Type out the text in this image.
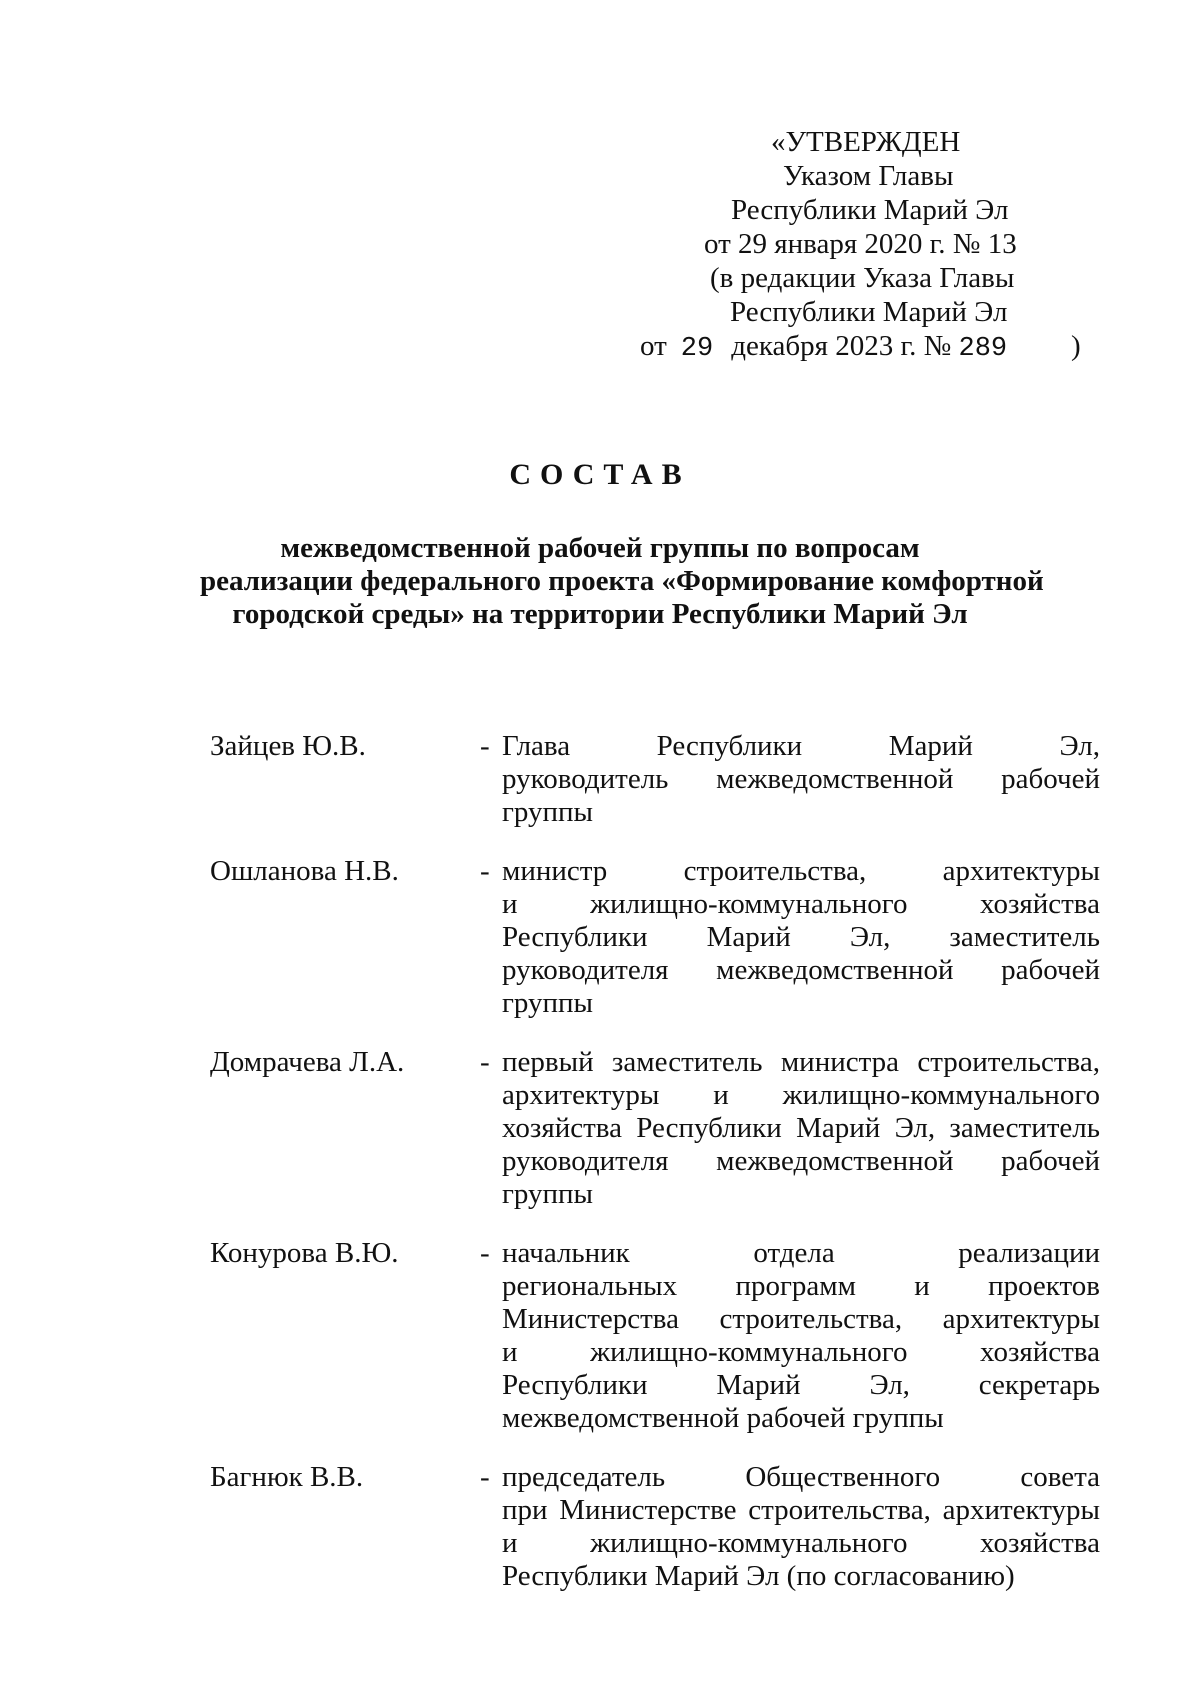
«УТВЕРЖДЕН
Указом Главы
Республики Марий Эл
от 29 января 2020 г. № 13
(в редакции Указа Главы
Республики Марий Эл
от 29 декабря 2023 г. № 289 )
СОСТАВ
межведомственной рабочей группы по вопросам
реализации федерального проекта «Формирование комфортной
городской среды» на территории Республики Марий Эл
Зайцев Ю.В.	- Глава Республики Марий Эл,
руководитель межведомственной рабочей
группы
Ошланова Н.В.	- министр строительства, архитектуры
и жилищно-коммунального хозяйства
Республики Марий Эл, заместитель
руководителя межведомственной рабочей
группы
Домрачева Л.А.	- первый заместитель министра строительства,
архитектуры и жилищно-коммунального
хозяйства Республики Марий Эл, заместитель
руководителя межведомственной рабочей
группы
Конурова В.Ю.	- начальник отдела реализации
региональных программ и проектов
Министерства строительства, архитектуры
и жилищно-коммунального хозяйства
Республики Марий Эл, секретарь
межведомственной рабочей группы
Багнюк В.В.	- председатель Общественного совета
при Министерстве строительства, архитектуры
и жилищно-коммунального хозяйства
Республики Марий Эл (по согласованию)
